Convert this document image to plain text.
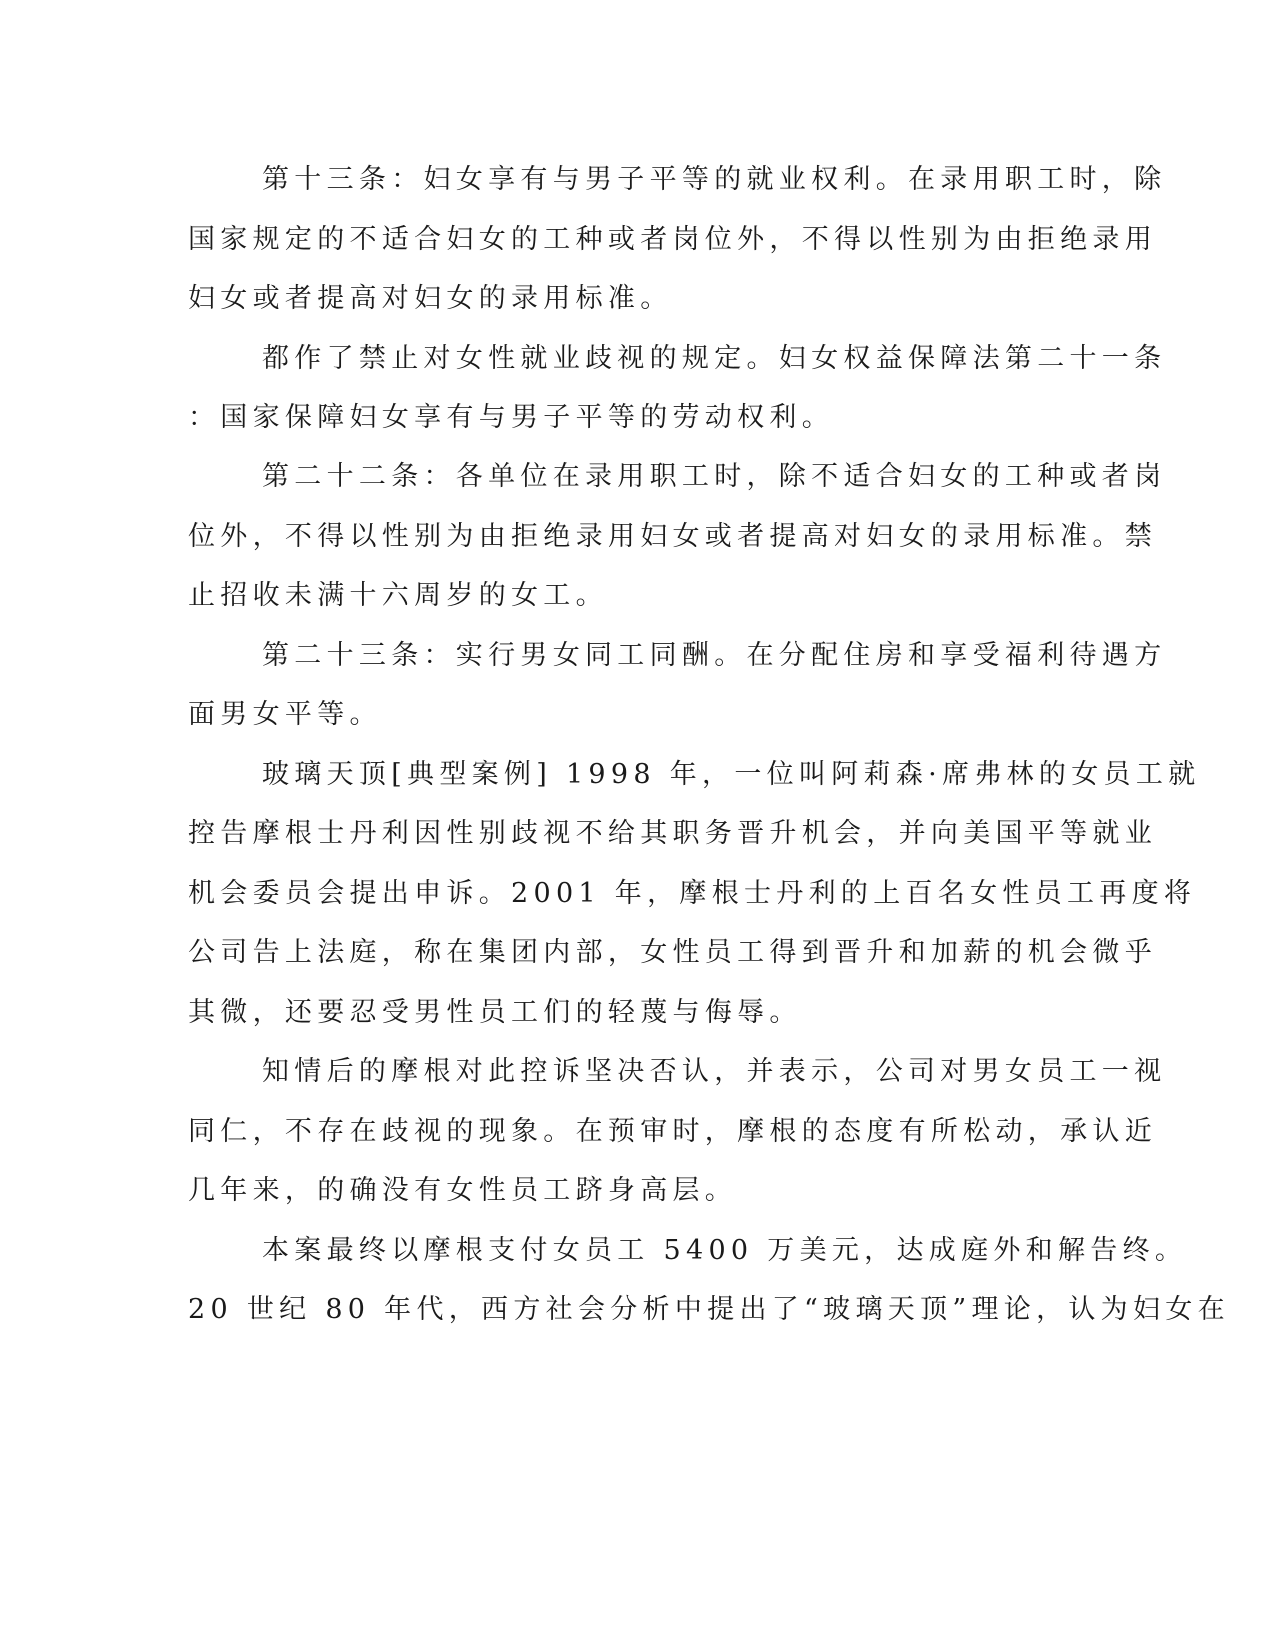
第十三条：妇女享有与男子平等的就业权利。在录用职工时，除
国家规定的不适合妇女的工种或者岗位外，不得以性别为由拒绝录用
妇女或者提高对妇女的录用标准。
都作了禁止对女性就业歧视的规定。妇女权益保障法第二十一条
：国家保障妇女享有与男子平等的劳动权利。
第二十二条：各单位在录用职工时，除不适合妇女的工种或者岗
位外，不得以性别为由拒绝录用妇女或者提高对妇女的录用标准。禁
止招收未满十六周岁的女工。
第二十三条：实行男女同工同酬。在分配住房和享受福利待遇方
面男女平等。
玻璃天顶[典型案例] 1998 年，一位叫阿莉森·席弗林的女员工就
控告摩根士丹利因性别歧视不给其职务晋升机会，并向美国平等就业
机会委员会提出申诉。2001 年，摩根士丹利的上百名女性员工再度将
公司告上法庭，称在集团内部，女性员工得到晋升和加薪的机会微乎
其微，还要忍受男性员工们的轻蔑与侮辱。
知情后的摩根对此控诉坚决否认，并表示，公司对男女员工一视
同仁，不存在歧视的现象。在预审时，摩根的态度有所松动，承认近
几年来，的确没有女性员工跻身高层。
本案最终以摩根支付女员工 5400 万美元，达成庭外和解告终。
20 世纪 80 年代，西方社会分析中提出了“玻璃天顶”理论，认为妇女在
